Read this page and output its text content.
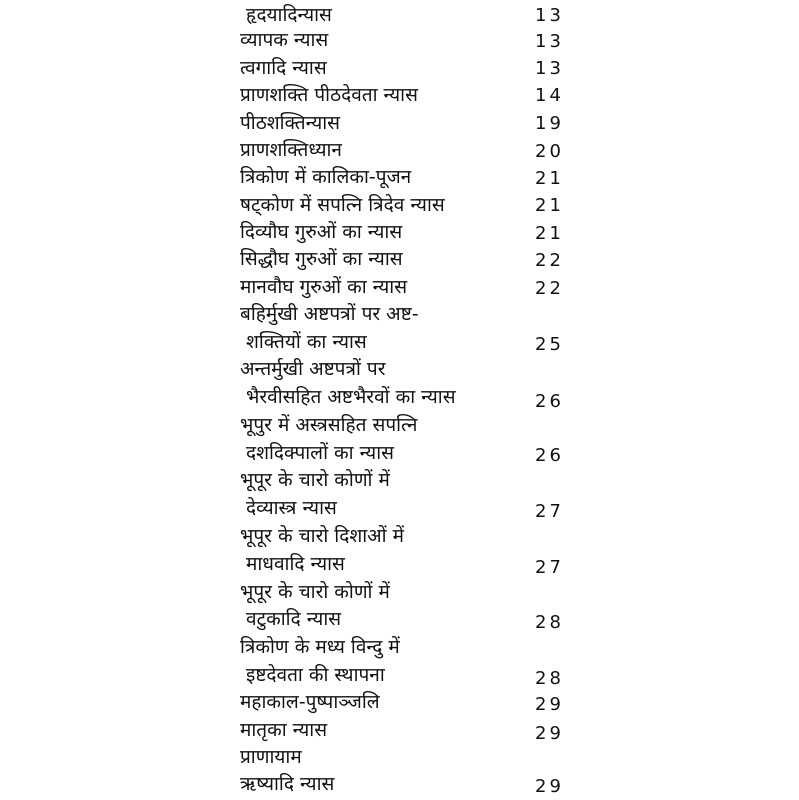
हृदयादिन्यास	13
व्यापक न्यास	13
त्वगादि न्यास	13
प्राणशक्ति पीठदेवता न्यास	14
पीठशक्तिन्यास	19
प्राणशक्तिध्यान	20
त्रिकोण में कालिका-पूजन	21
षट्कोण में सपत्नि त्रिदेव न्यास	21
दिव्यौघ गुरुओं का न्यास	21
सिद्धौघ गुरुओं का न्यास	22
मानवौघ गुरुओं का न्यास	22
बहिर्मुखी अष्टपत्रों पर अष्ट-
शक्तियों का न्यास	25
अन्तर्मुखी अष्टपत्रों पर
भैरवीसहित अष्टभैरवों का न्यास	26
भूपुर में अस्त्रसहित सपत्नि
दशदिक्पालों का न्यास	26
भूपूर के चारो कोणों में
देव्यास्त्र न्यास	27
भूपूर के चारो दिशाओं में
माधवादि न्यास	27
भूपूर के चारो कोणों में
वटुकादि न्यास	28
त्रिकोण के मध्य विन्दु में
इष्टदेवता की स्थापना	28
महाकाल-पुष्पाञ्जलि	29
मातृका न्यास	29
प्राणायाम
ऋष्यादि न्यास	29
